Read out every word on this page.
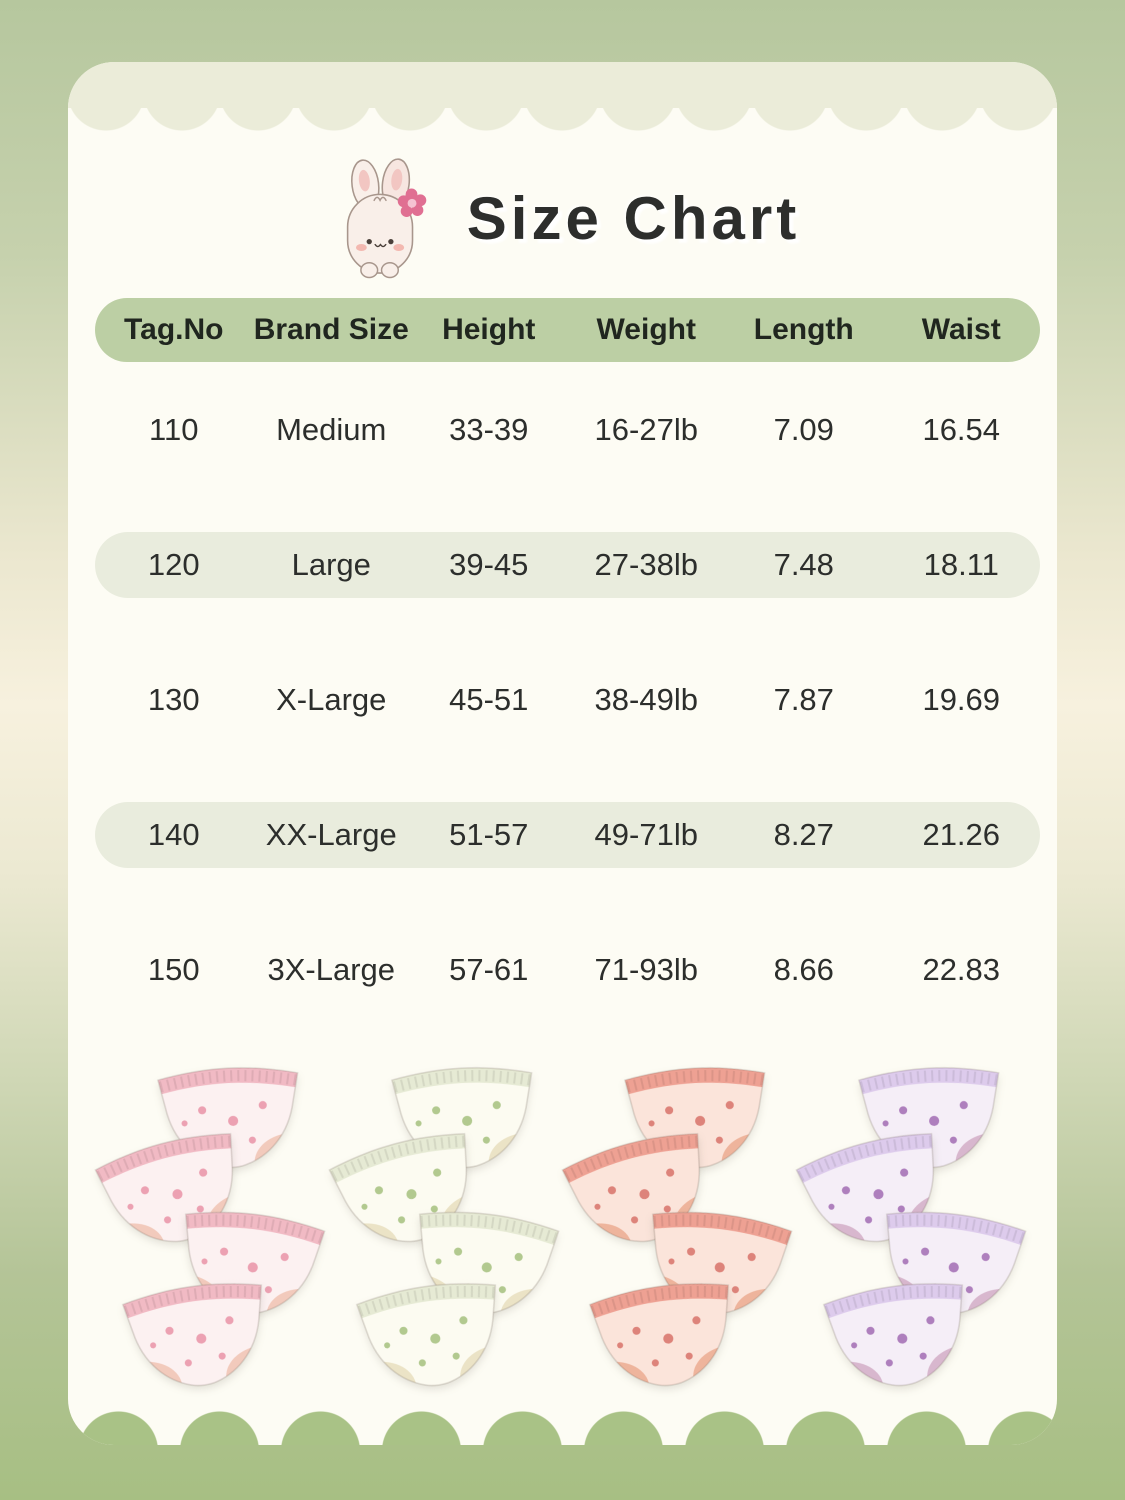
Size Chart
Tag.No	Brand Size	Height	Weight	Length	Waist
110	Medium	33-39	16-27lb	7.09	16.54
120	Large	39-45	27-38lb	7.48	18.11
130	X-Large	45-51	38-49lb	7.87	19.69
140	XX-Large	51-57	49-71lb	8.27	21.26
150	3X-Large	57-61	71-93lb	8.66	22.83
